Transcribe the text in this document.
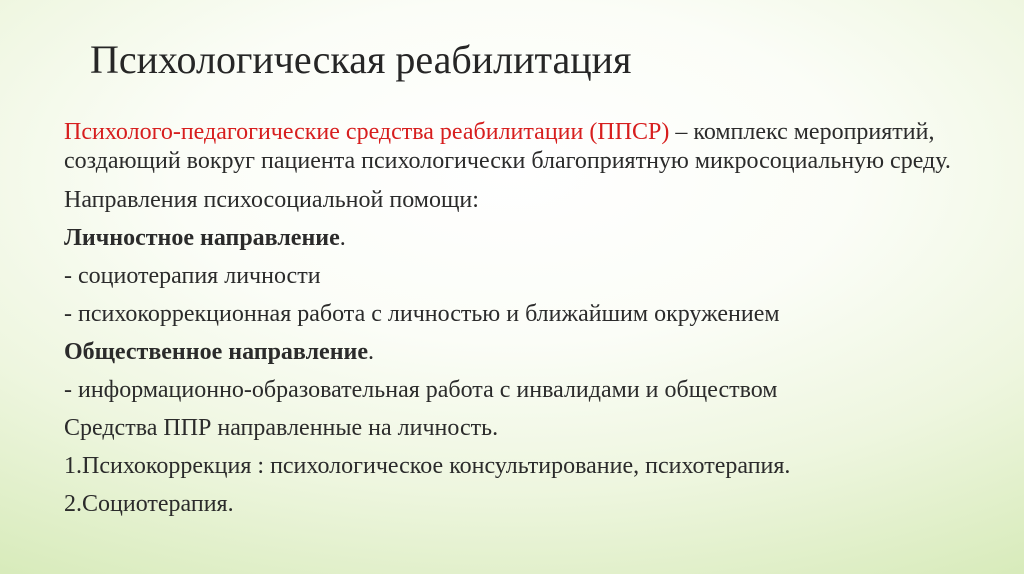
Психологическая реабилитация

Психолого-педагогические средства реабилитации (ППСР) – комплекс мероприятий, создающий вокруг пациента психологически благоприятную микросоциальную среду.

Направления психосоциальной помощи:
Личностное направление.
- социотерапия личности
- психокоррекционная работа с личностью и ближайшим окружением
Общественное направление.
- информационно-образовательная работа с инвалидами и обществом
Средства ППР направленные на личность.
1.Психокоррекция : психологическое консультирование, психотерапия.
2.Социотерапия.
